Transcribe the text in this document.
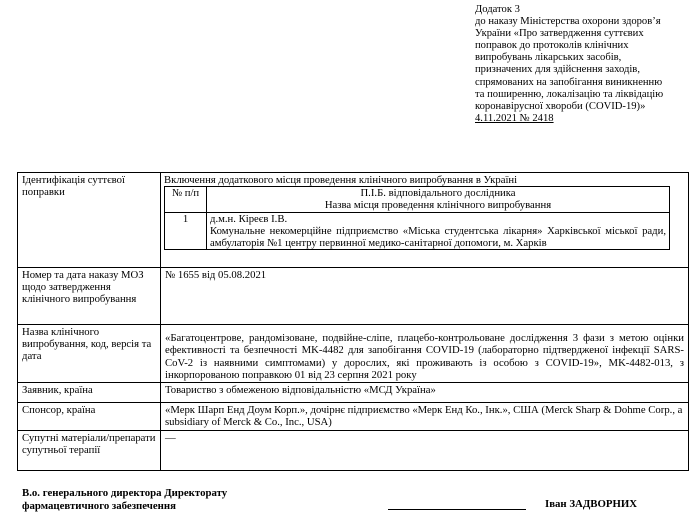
Додаток 3
до наказу Міністерства охорони здоров’я
України «Про затвердження суттєвих
поправок до протоколів клінічних
випробувань лікарських засобів,
призначених для здійснення заходів,
спрямованих на запобігання виникненню
та поширенню, локалізацію та ліквідацію
коронавірусної хвороби (COVID-19)»
4.11.2021 № 2418
Ідентифікація суттєвої поправки	
Включення додаткового місця проведення клінічного випробування в Україні
№ п/п	П.І.Б. відповідального дослідника
Назва місця проведення клінічного випробування

1	д.м.н. Кіреєв І.В.
Комунальне некомерційне підприємство «Міська студентська лікарня» Харківської міської ради, амбулаторія №1 центру первинної медико-санітарної допомоги, м. Харків

Номер та дата наказу МОЗ щодо затвердження клінічного випробування	№ 1655 від 05.08.2021
Назва клінічного випробування, код, версія та дата	«Багатоцентрове, рандомізоване, подвійне-сліпе, плацебо-контрольоване дослідження 3 фази з метою оцінки ефективності та безпечності MK-4482 для запобігання COVID-19 (лабораторно підтвердженої інфекції SARS-CoV-2 із наявними симптомами) у дорослих, які проживають із особою з COVID-19», MK-4482-013, з інкорпорованою поправкою 01 від 23 серпня 2021 року
Заявник, країна	Товариство з обмеженою відповідальністю «МСД Україна»
Спонсор, країна	«Мерк Шарп Енд Доум Корп.», дочірнє підприємство «Мерк Енд Ко., Інк.», США (Merck Sharp & Dohme Corp., a subsidiary of Merck & Co., Inc., USA)
Супутні матеріали/препарати супутньої терапії	—
В.о. генерального директора Директорату
фармацевтичного забезпечення	Іван ЗАДВОРНИХ
